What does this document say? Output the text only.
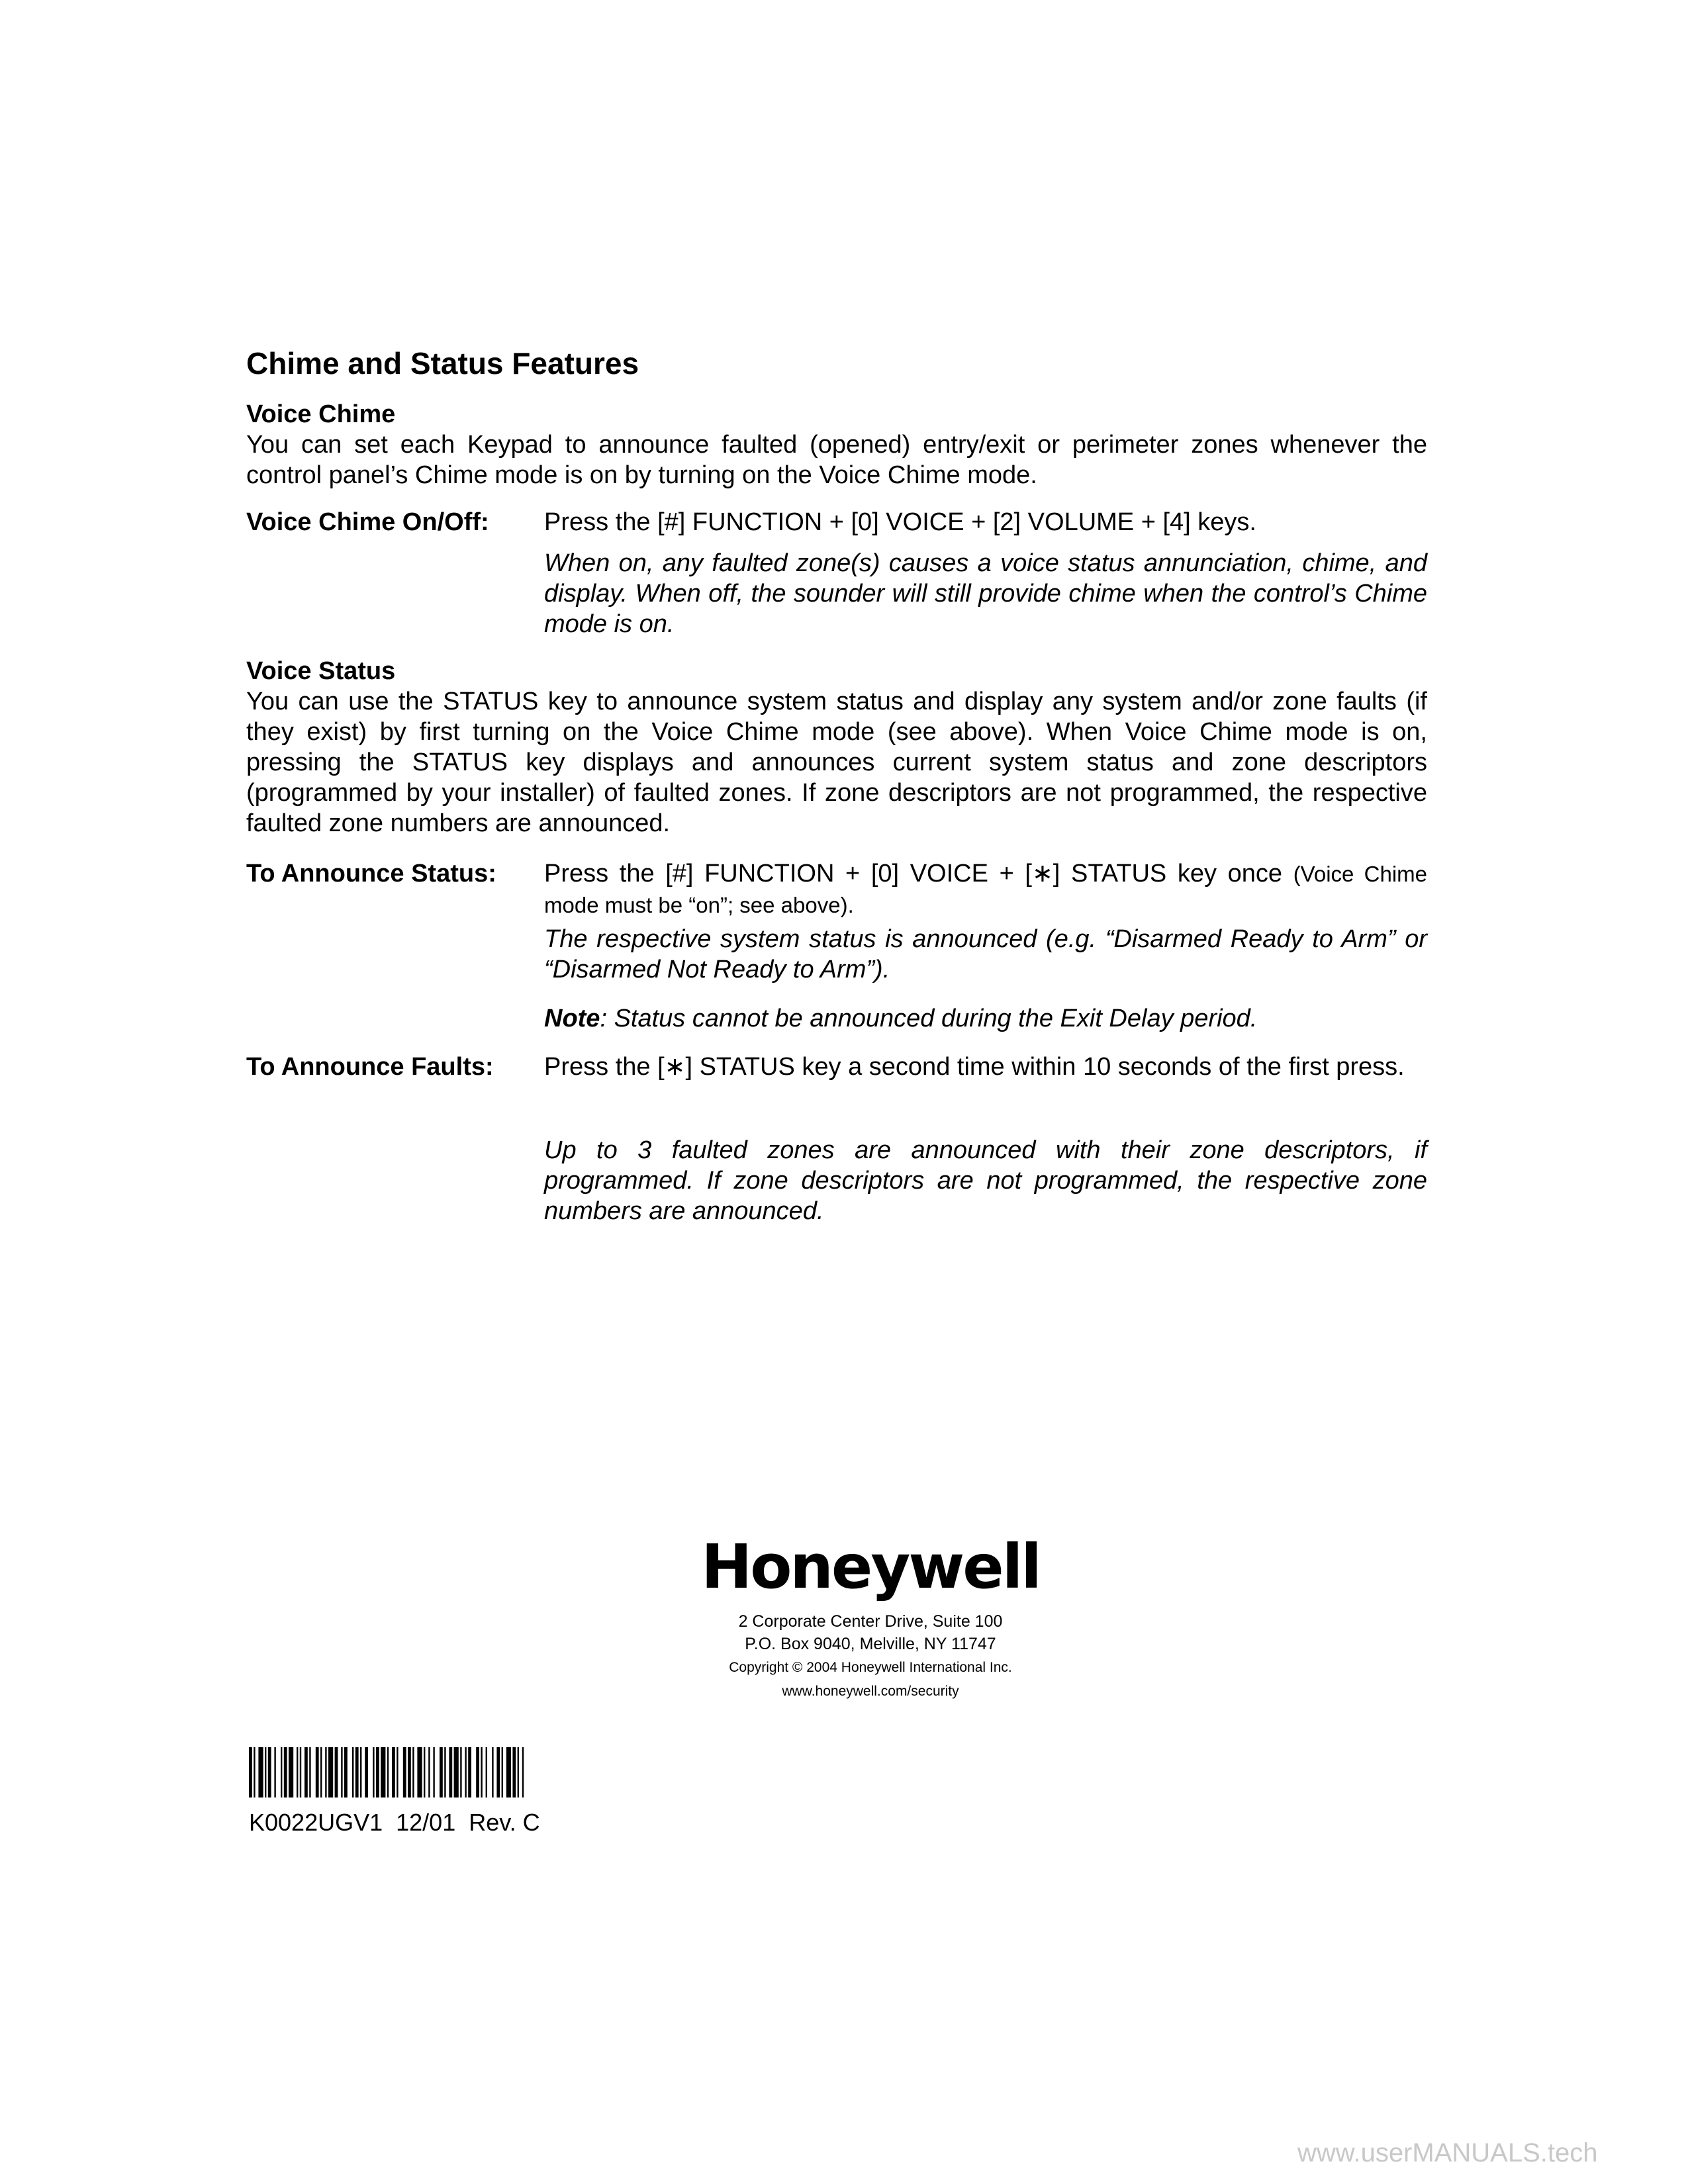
Chime and Status Features
Voice Chime

You can set each Keypad to announce faulted (opened) entry/exit or perimeter zones whenever the control panel’s Chime mode is on by turning on the Voice Chime mode.

Voice Chime On/Off: Press the [#] FUNCTION + [0] VOICE + [2] VOLUME + [4] keys.

When on, any faulted zone(s) causes a voice status annunciation, chime, and display. When off, the sounder will still provide chime when the control’s Chime mode is on.

Voice Status

You can use the STATUS key to announce system status and display any system and/or zone faults (if they exist) by first turning on the Voice Chime mode (see above). When Voice Chime mode is on, pressing the STATUS key displays and announces current system status and zone descriptors (programmed by your installer) of faulted zones. If zone descriptors are not programmed, the respective faulted zone numbers are announced.

To Announce Status: Press the [#] FUNCTION + [0] VOICE + [∗] STATUS key once (Voice Chime mode must be “on”; see above).

The respective system status is announced (e.g. “Disarmed Ready to Arm” or “Disarmed Not Ready to Arm”).

Note: Status cannot be announced during the Exit Delay period.

To Announce Faults: Press the [∗] STATUS key a second time within 10 seconds of the first press.

Up to 3 faulted zones are announced with their zone descriptors, if programmed. If zone descriptors are not programmed, the respective zone numbers are announced.

Honeywell

2 Corporate Center Drive, Suite 100

P.O. Box 9040, Melville, NY 11747

Copyright © 2004 Honeywell International Inc.

www.honeywell.com/security

K0022UGV1  12/01  Rev. C

www.userMANUALS.tech
